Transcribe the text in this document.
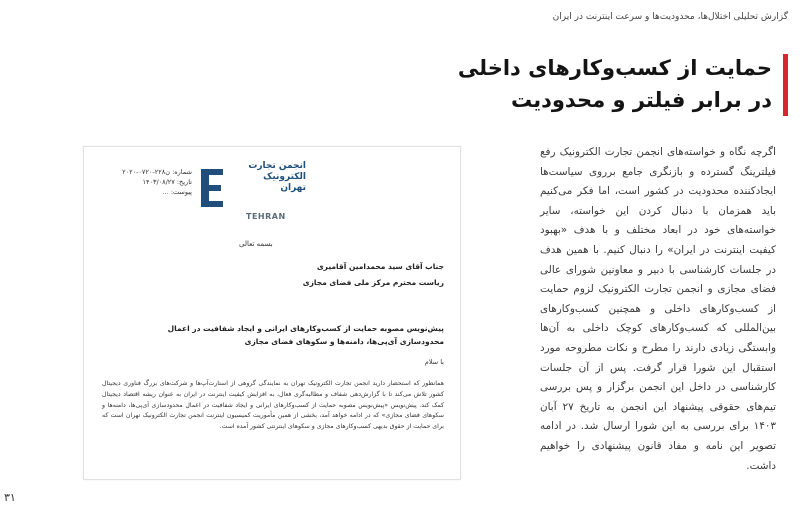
گزارش تحلیلی اختلال‌ها، محدودیت‌ها و سرعت اینترنت در ایران
حمایت از کسب‌وکارهای داخلی
در برابر فیلتر و محدودیت
اگرچه نگاه و خواسته‌های انجمن تجارت الکترونیک رفع فیلترینگ گسترده و بازنگری جامع برروی سیاست‌ها ایجادکننده محدودیت در کشور است، اما فکر می‌کنیم باید همزمان با دنبال کردن این خواسته، سایر خواسته‌های خود در ابعاد مختلف و با هدف «بهبود کیفیت اینترنت در ایران» را دنبال کنیم. با همین هدف در جلسات کارشناسی با دبیر و معاونین شورای عالی فضای مجازی و انجمن تجارت الکترونیک لزوم حمایت از کسب‌وکارهای داخلی و همچنین کسب‌وکارهای بین‌المللی که کسب‌وکارهای کوچک داخلی به آن‌ها وابستگی زیادی دارند را مطرح و نکات مطروحه مورد استقبال این شورا قرار گرفت. پس از آن جلسات کارشناسی در داخل این انجمن برگزار و پس بررسی تیم‌های حقوقی پیشنهاد این انجمن به تاریخ ۲۷ آبان ۱۴۰۳ برای بررسی به این شورا ارسال شد. در ادامه تصویر این نامه و مفاد قانون پیشنهادی را خواهیم داشت.
انجمن تجارت الکترونیک تهران
TEHRAN
شماره: ن۲۲۸-۰۷۲۰-۲۰۲۰
تاریخ: ۱۴۰۳/۰۸/۲۷
پیوست: ...
بسمه تعالی
جناب آقای سید محمدامین آقامیری
ریاست محترم مرکز ملی فضای مجازی
پیش‌نویس مصوبه حمایت از کسب‌وکارهای ایرانی و ایجاد شفافیت در اعمال محدودسازی آی‌پی‌ها، دامنه‌ها و سکوهای فضای مجازی
با سلام
همانطور که استحضار دارید انجمن تجارت الکترونیک تهران به نمایندگی گروهی از استارت‌آپ‌ها و شرکت‌های بزرگ فناوری دیجیتال کشور تلاش می‌کند تا با گزارش‌دهی شفاف و مطالبه‌گری فعال، به افزایش کیفیت اینترنت در ایران به عنوان ریشه اقتصاد دیجیتال کمک کند. پیش‌نویس «پیش‌نویس مصوبه حمایت از کسب‌وکارهای ایرانی و ایجاد شفافیت در اعمال محدودسازی آی‌پی‌ها، دامنه‌ها و سکوهای فضای مجازی» که در ادامه خواهد آمد، بخشی از همین مأموریت کمیسیون اینترنت انجمن تجارت الکترونیک تهران است که برای حمایت از حقوق بدیهی کسب‌وکارهای مجازی و سکوهای اینترنتی کشور آمده است.
۳۱
